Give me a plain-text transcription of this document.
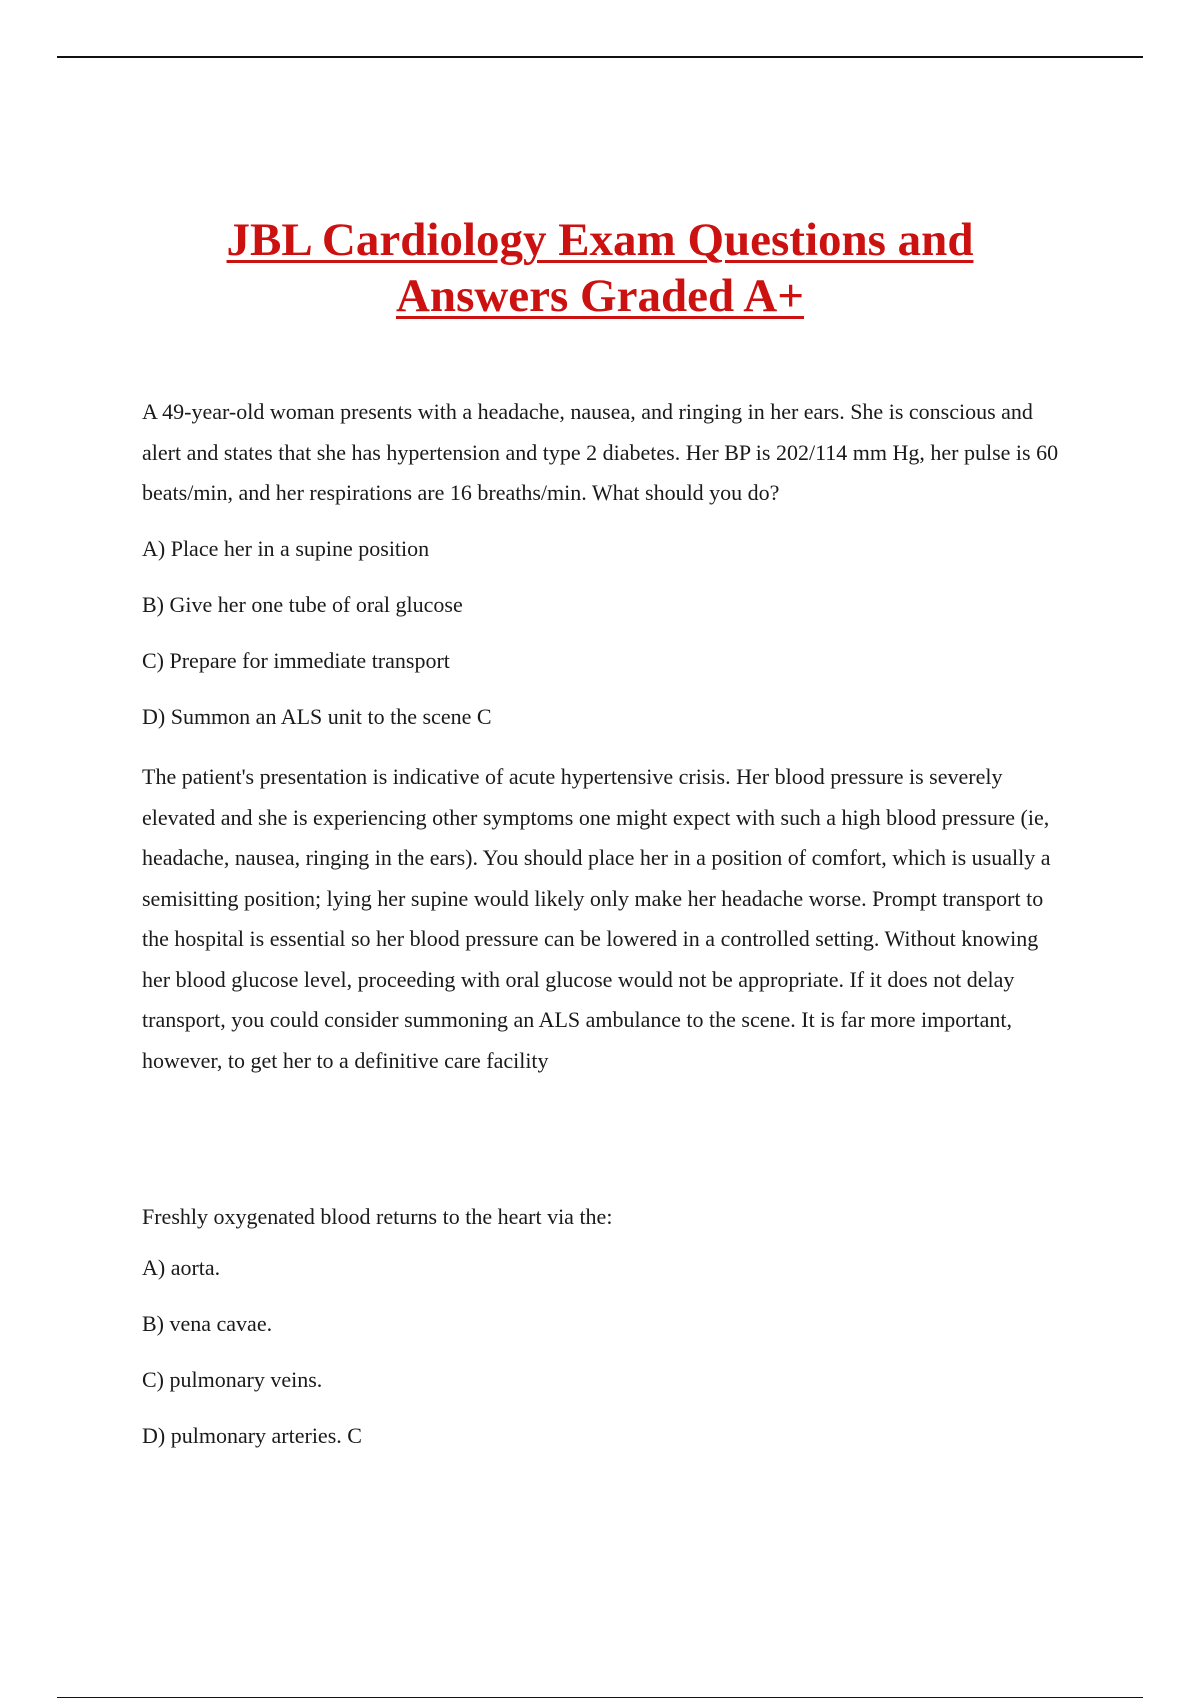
JBL Cardiology Exam Questions and
Answers Graded A+

A 49-year-old woman presents with a headache, nausea, and ringing in her ears. She is conscious and alert and states that she has hypertension and type 2 diabetes. Her BP is 202/114 mm Hg, her pulse is 60 beats/min, and her respirations are 16 breaths/min. What should you do?

A) Place her in a supine position

B) Give her one tube of oral glucose

C) Prepare for immediate transport

D) Summon an ALS unit to the scene C

The patient's presentation is indicative of acute hypertensive crisis. Her blood pressure is severely elevated and she is experiencing other symptoms one might expect with such a high blood pressure (ie, headache, nausea, ringing in the ears). You should place her in a position of comfort, which is usually a semisitting position; lying her supine would likely only make her headache worse. Prompt transport to the hospital is essential so her blood pressure can be lowered in a controlled setting. Without knowing her blood glucose level, proceeding with oral glucose would not be appropriate. If it does not delay transport, you could consider summoning an ALS ambulance to the scene. It is far more important, however, to get her to a definitive care facility

Freshly oxygenated blood returns to the heart via the:

A) aorta.

B) vena cavae.

C) pulmonary veins.

D) pulmonary arteries. C
